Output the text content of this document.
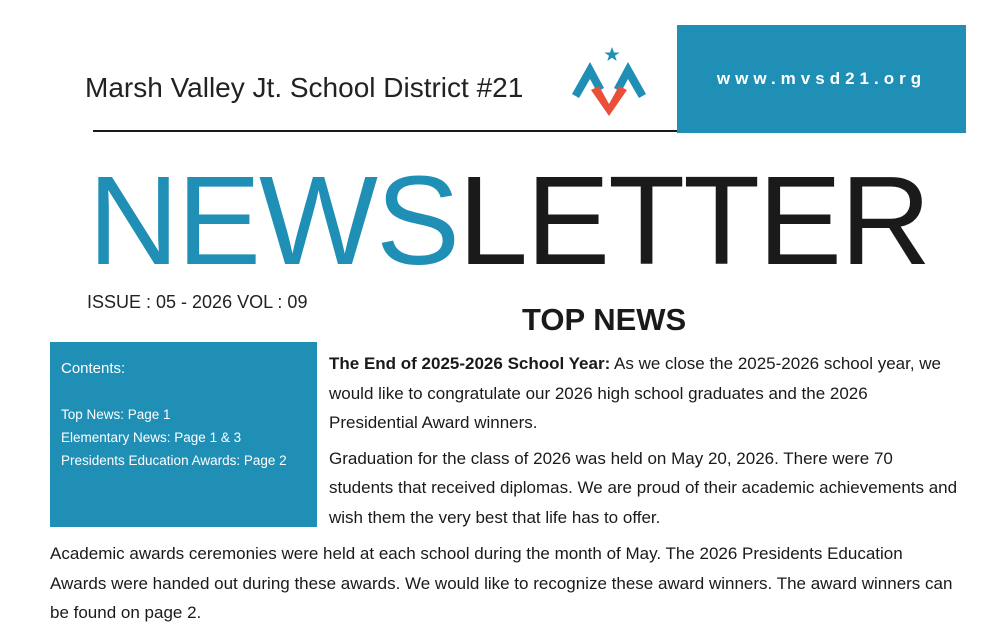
Marsh Valley Jt. School District #21	www.mvsd21.org
NEWSLETTER
ISSUE : 05 - 2026 VOL : 09	TOP NEWS
Contents:
Top News: Page 1
Elementary News: Page 1 & 3
Presidents Education Awards: Page 2

The End of 2025-2026 School Year: As we close the 2025-2026 school year, we would like to congratulate our 2026 high school graduates and the 2026 Presidential Award winners.

Graduation for the class of 2026 was held on May 20, 2026. There were 70 students that received diplomas. We are proud of their academic achievements and wish them the very best that life has to offer.

Academic awards ceremonies were held at each school during the month of May. The 2026 Presidents Education Awards were handed out during these awards. We would like to recognize these award winners. The award winners can be found on page 2.
